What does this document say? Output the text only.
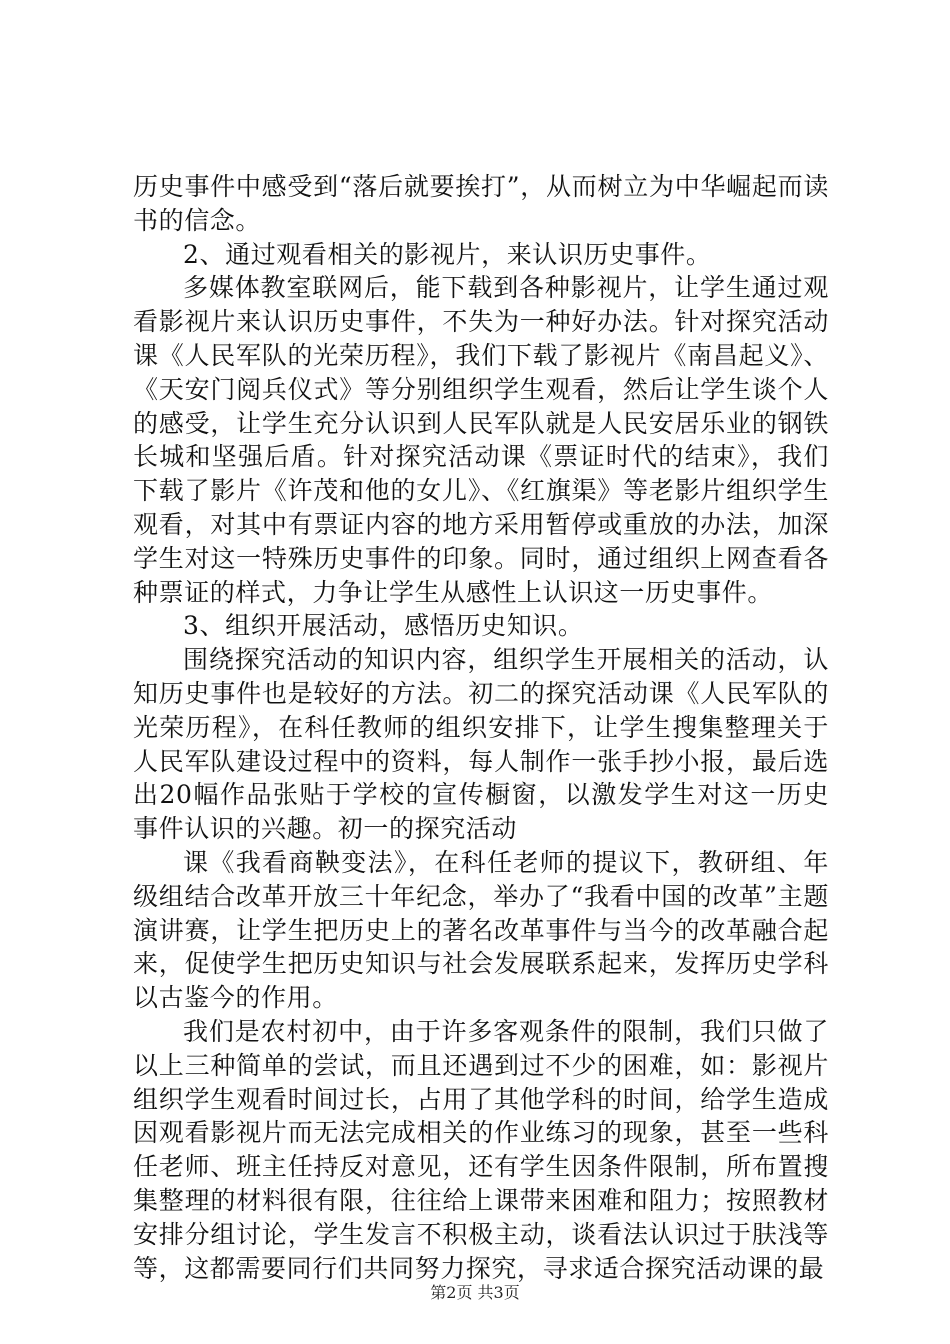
历史事件中感受到“落后就要挨打”，从而树立为中华崛起而读书的信念。

2、通过观看相关的影视片，来认识历史事件。

多媒体教室联网后，能下载到各种影视片，让学生通过观看影视片来认识历史事件，不失为一种好办法。针对探究活动课《人民军队的光荣历程》，我们下载了影视片《南昌起义》、《天安门阅兵仪式》等分别组织学生观看，然后让学生谈个人的感受，让学生充分认识到人民军队就是人民安居乐业的钢铁长城和坚强后盾。针对探究活动课《票证时代的结束》，我们下载了影片《许茂和他的女儿》、《红旗渠》等老影片组织学生观看，对其中有票证内容的地方采用暂停或重放的办法，加深学生对这一特殊历史事件的印象。同时，通过组织上网查看各种票证的样式，力争让学生从感性上认识这一历史事件。

3、组织开展活动，感悟历史知识。

围绕探究活动的知识内容，组织学生开展相关的活动，认知历史事件也是较好的方法。初二的探究活动课《人民军队的光荣历程》，在科任教师的组织安排下，让学生搜集整理关于人民军队建设过程中的资料，每人制作一张手抄小报，最后选出20幅作品张贴于学校的宣传橱窗，以激发学生对这一历史事件认识的兴趣。初一的探究活动

课《我看商鞅变法》，在科任老师的提议下，教研组、年级组结合改革开放三十年纪念，举办了“我看中国的改革”主题演讲赛，让学生把历史上的著名改革事件与当今的改革融合起来，促使学生把历史知识与社会发展联系起来，发挥历史学科以古鉴今的作用。

我们是农村初中，由于许多客观条件的限制，我们只做了以上三种简单的尝试，而且还遇到过不少的困难，如：影视片组织学生观看时间过长，占用了其他学科的时间，给学生造成因观看影视片而无法完成相关的作业练习的现象，甚至一些科任老师、班主任持反对意见，还有学生因条件限制，所布置搜集整理的材料很有限，往往给上课带来困难和阻力；按照教材安排分组讨论，学生发言不积极主动，谈看法认识过于肤浅等等，这都需要同行们共同努力探究，寻求适合探究活动课的最

第2页 共3页
